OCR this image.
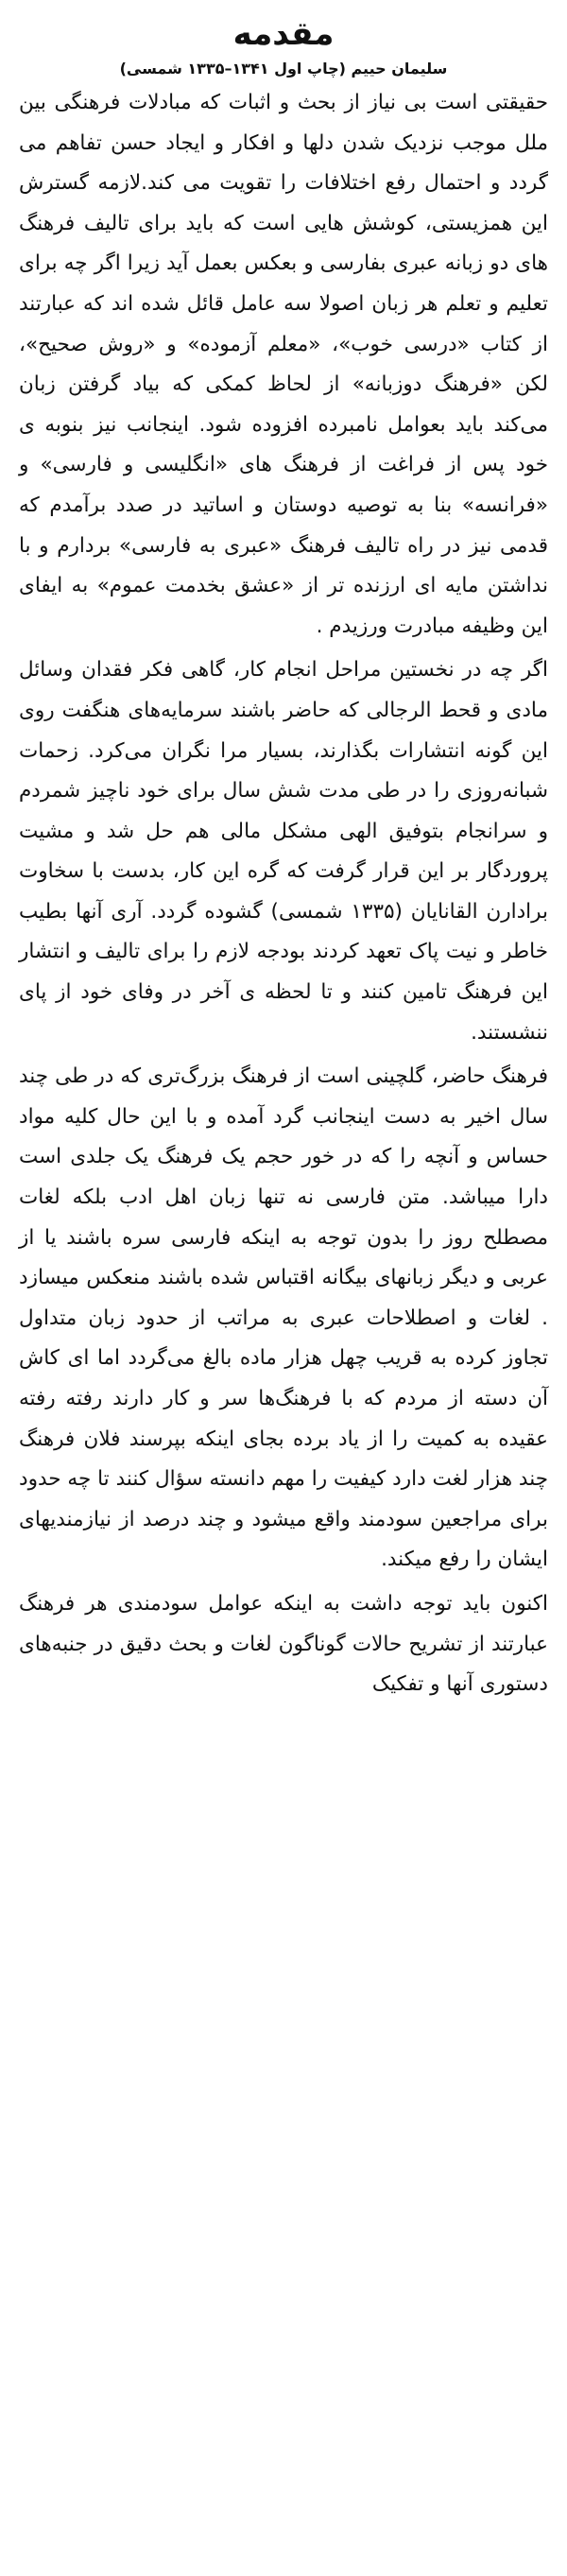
مقدمه
سلیمان حییم (چاپ اول ۱۳۴۱–۱۳۳۵ شمسی)

حقیقتی است بی نیاز از بحث و اثبات که مبادلات فرهنگی بین ملل موجب نزدیک شدن دلها و افکار و ایجاد حسن تفاهم می گردد و احتمال رفع اختلافات را تقویت می کند.لازمه گسترش این همزیستی، کوشش هایی است که باید برای تالیف فرهنگ های دو زبانه عبری بفارسی و بعکس بعمل آید زیرا اگر چه برای تعلیم و تعلم هر زبان اصولا سه عامل قائل شده اند که عبارتند از کتاب «درسی خوب»، «معلم آزموده» و «روش صحیح»، لکن «فرهنگ دوزبانه» از لحاظ کمکی که بیاد گرفتن زبان می‌کند باید بعوامل نامبرده افزوده شود. اینجانب نیز بنوبه ی خود پس از فراغت از فرهنگ های «انگلیسی و فارسی» و «فرانسه» بنا به توصیه دوستان و اساتید در صدد برآمدم که قدمی نیز در راه تالیف فرهنگ «عبری به فارسی» بردارم و با نداشتن مایه ای ارزنده تر از «عشق بخدمت عموم» به ایفای این وظیفه مبادرت ورزیدم .

اگر چه در نخستین مراحل انجام کار، گاهی فکر فقدان وسائل مادی و قحط الرجالی که حاضر باشند سرمایه‌های هنگفت روی این گونه انتشارات بگذارند، بسیار مرا نگران می‌کرد. زحمات شبانه‌روزی را در طی مدت شش سال برای خود ناچیز شمردم و سرانجام بتوفیق الهی مشکل مالی هم حل شد و مشیت پروردگار بر این قرار گرفت که گره این کار، بدست با سخاوت برادارن القانایان (۱۳۳۵ شمسی) گشوده گردد. آری آنها بطیب خاطر و نیت پاک تعهد کردند بودجه لازم را برای تالیف و انتشار این فرهنگ تامین کنند و تا لحظه ی آخر در وفای خود از پای ننشستند.

فرهنگ حاضر، گلچینی است از فرهنگ بزرگ‌تری که در طی چند سال اخیر به دست اینجانب گرد آمده و با این حال کلیه مواد حساس و آنچه را که در خور حجم یک فرهنگ یک جلدی است دارا میباشد. متن فارسی نه تنها زبان اهل ادب بلکه لغات مصطلح روز را بدون توجه به اینکه فارسی سره باشند یا از عربی و دیگر زبانهای بیگانه اقتباس شده باشند منعکس میسازد . لغات و اصطلاحات عبری به مراتب از حدود زبان متداول تجاوز کرده به قریب چهل هزار ماده بالغ می‌گردد اما ای کاش آن دسته از مردم که با فرهنگ‌ها سر و کار دارند رفته رفته عقیده به کمیت را از یاد برده بجای اینکه بپرسند فلان فرهنگ چند هزار لغت دارد کیفیت را مهم دانسته سؤال کنند تا چه حدود برای مراجعین سودمند واقع میشود و چند درصد از نیازمندیهای ایشان را رفع میکند.

اکنون باید توجه داشت به اینکه عوامل سودمندی هر فرهنگ عبارتند از تشریح حالات گوناگون لغات و بحث دقیق در جنبه‌های دستوری آنها و تفکیک
